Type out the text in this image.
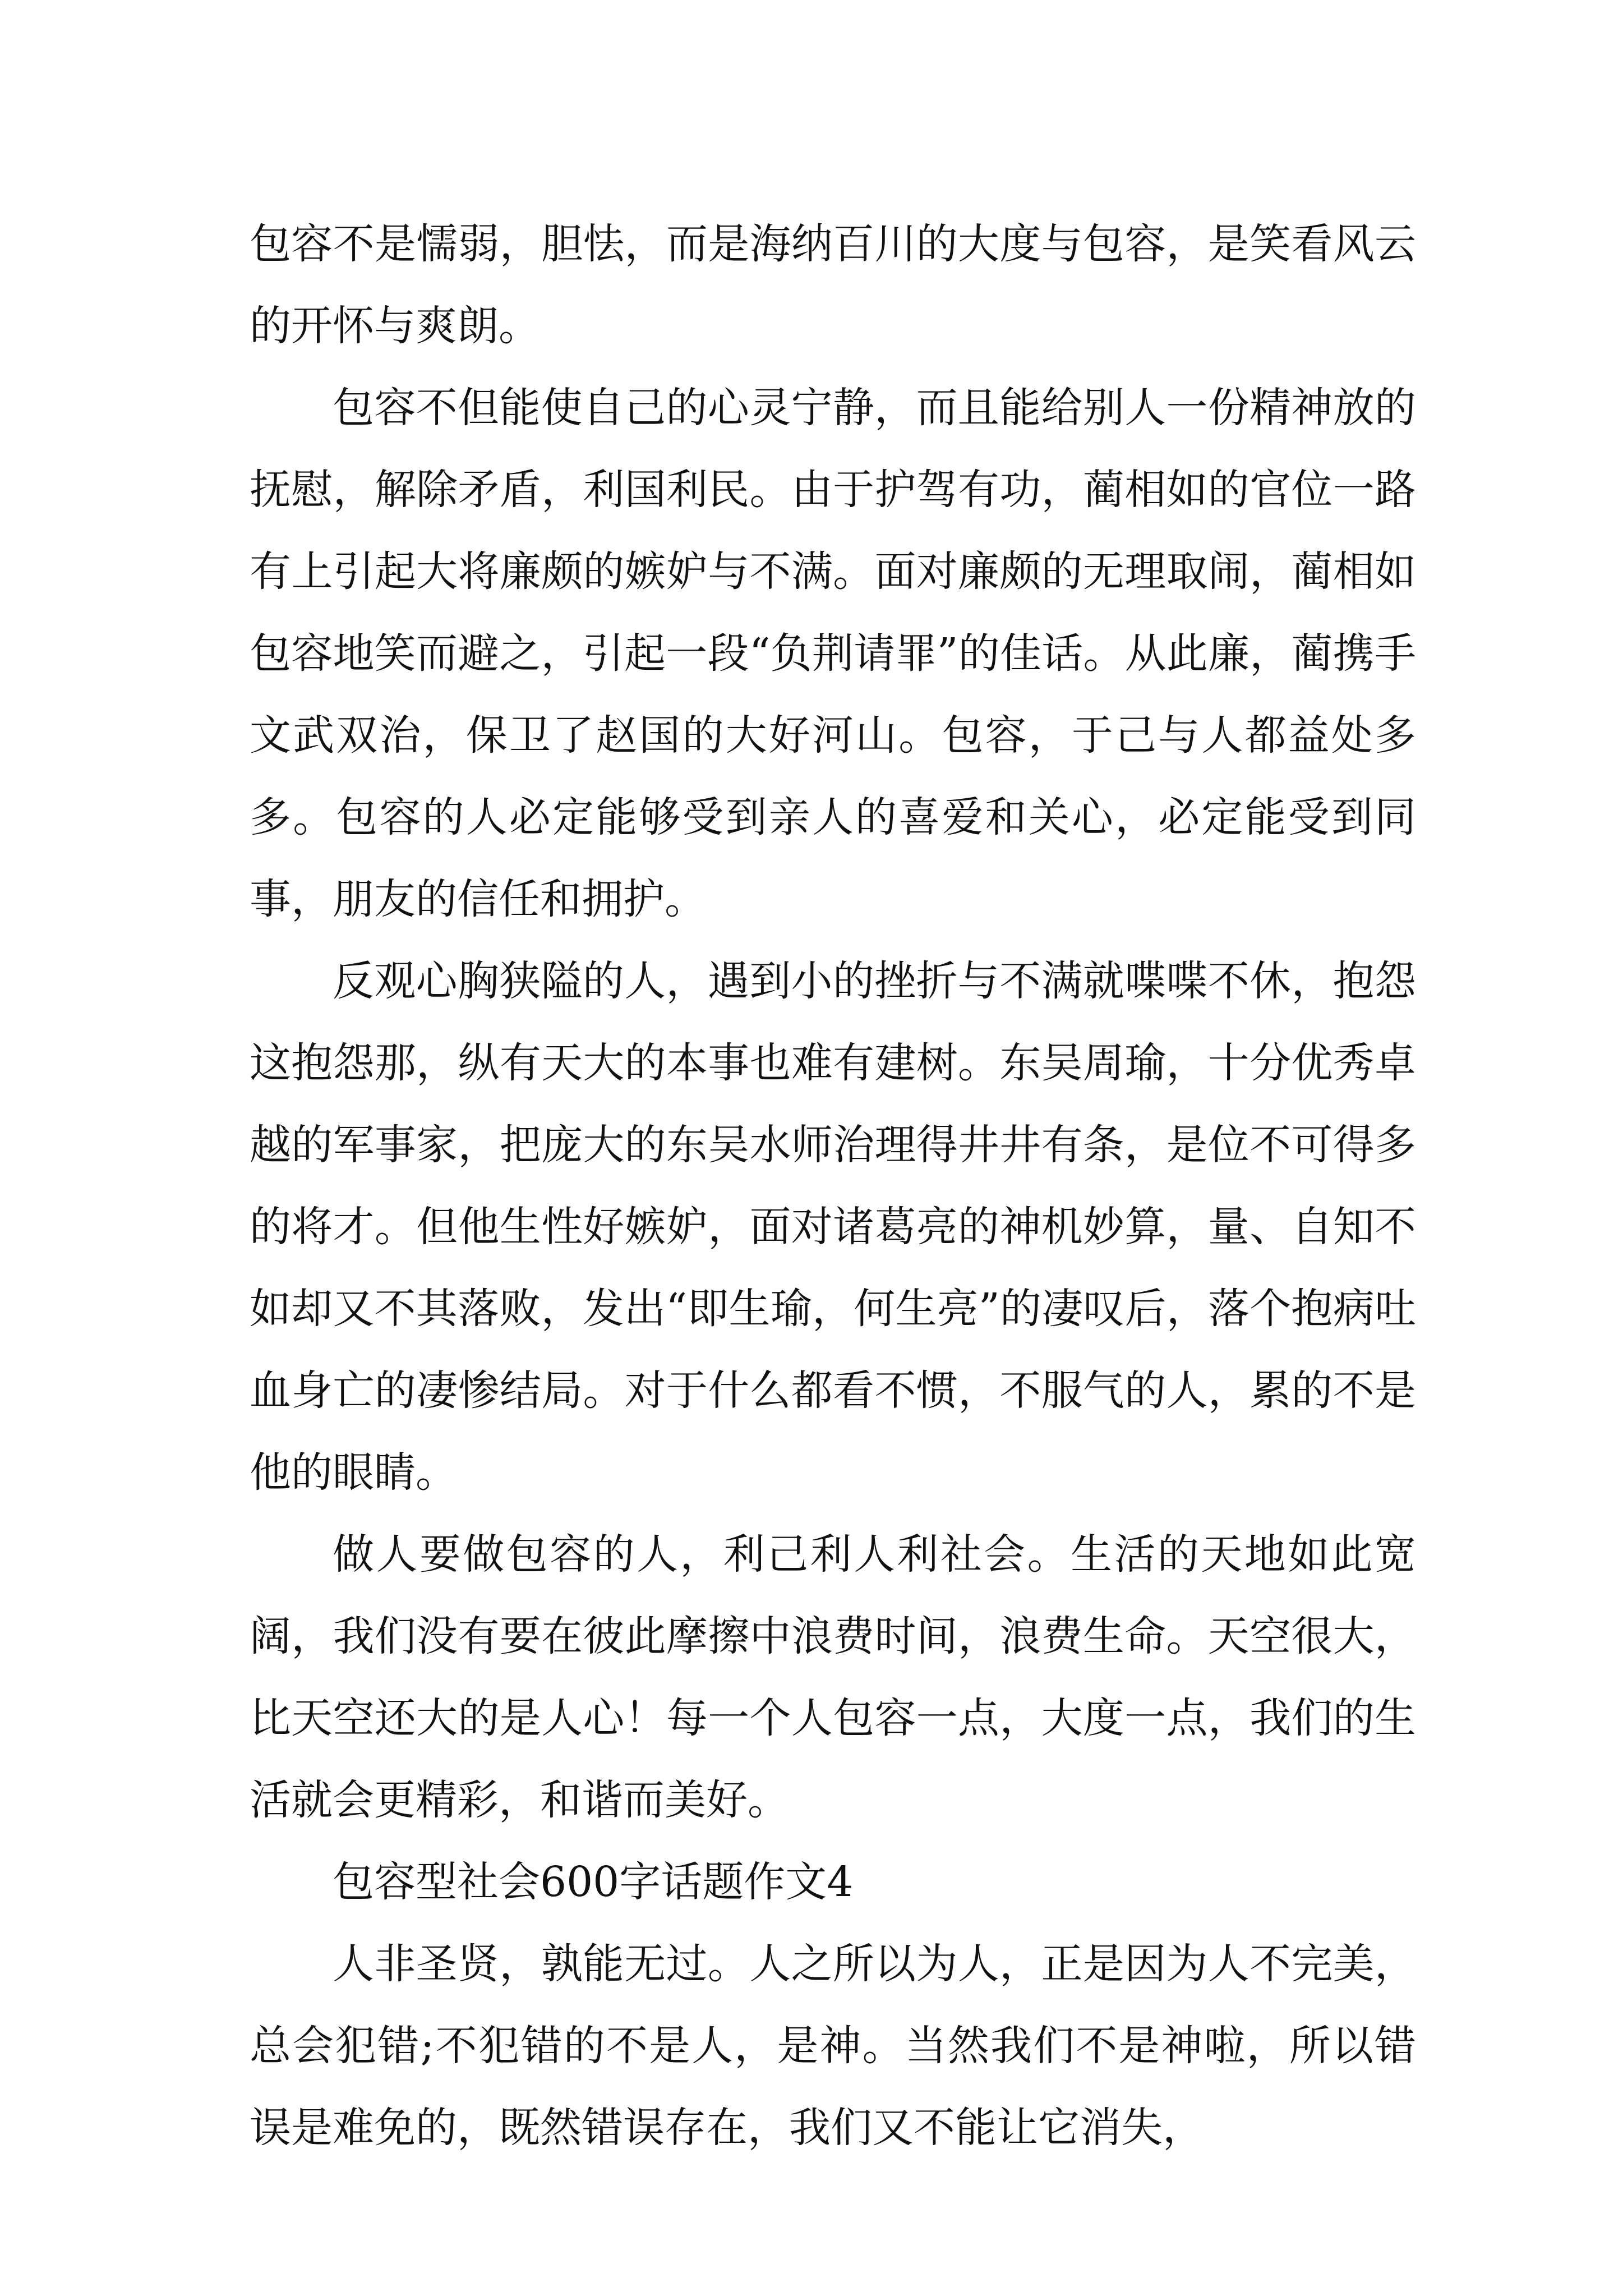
包容不是懦弱，胆怯，而是海纳百川的大度与包容，是笑看风云的开怀与爽朗。

包容不但能使自己的心灵宁静，而且能给别人一份精神放的抚慰，解除矛盾，利国利民。由于护驾有功，蔺相如的官位一路有上引起大将廉颇的嫉妒与不满。面对廉颇的无理取闹，蔺相如包容地笑而避之，引起一段“负荆请罪”的佳话。从此廉，蔺携手文武双治，保卫了赵国的大好河山。包容，于己与人都益处多多。包容的人必定能够受到亲人的喜爱和关心，必定能受到同事，朋友的信任和拥护。

反观心胸狭隘的人，遇到小的挫折与不满就喋喋不休，抱怨这抱怨那，纵有天大的本事也难有建树。东吴周瑜，十分优秀卓越的军事家，把庞大的东吴水师治理得井井有条，是位不可得多的将才。但他生性好嫉妒，面对诸葛亮的神机妙算，量、自知不如却又不其落败，发出“即生瑜，何生亮”的凄叹后，落个抱病吐血身亡的凄惨结局。对于什么都看不惯，不服气的人，累的不是他的眼睛。

做人要做包容的人，利己利人利社会。生活的天地如此宽阔，我们没有要在彼此摩擦中浪费时间，浪费生命。天空很大，比天空还大的是人心！每一个人包容一点，大度一点，我们的生活就会更精彩，和谐而美好。

包容型社会600字话题作文4

人非圣贤，孰能无过。人之所以为人，正是因为人不完美，总会犯错;不犯错的不是人，是神。当然我们不是神啦，所以错误是难免的，既然错误存在，我们又不能让它消失，
